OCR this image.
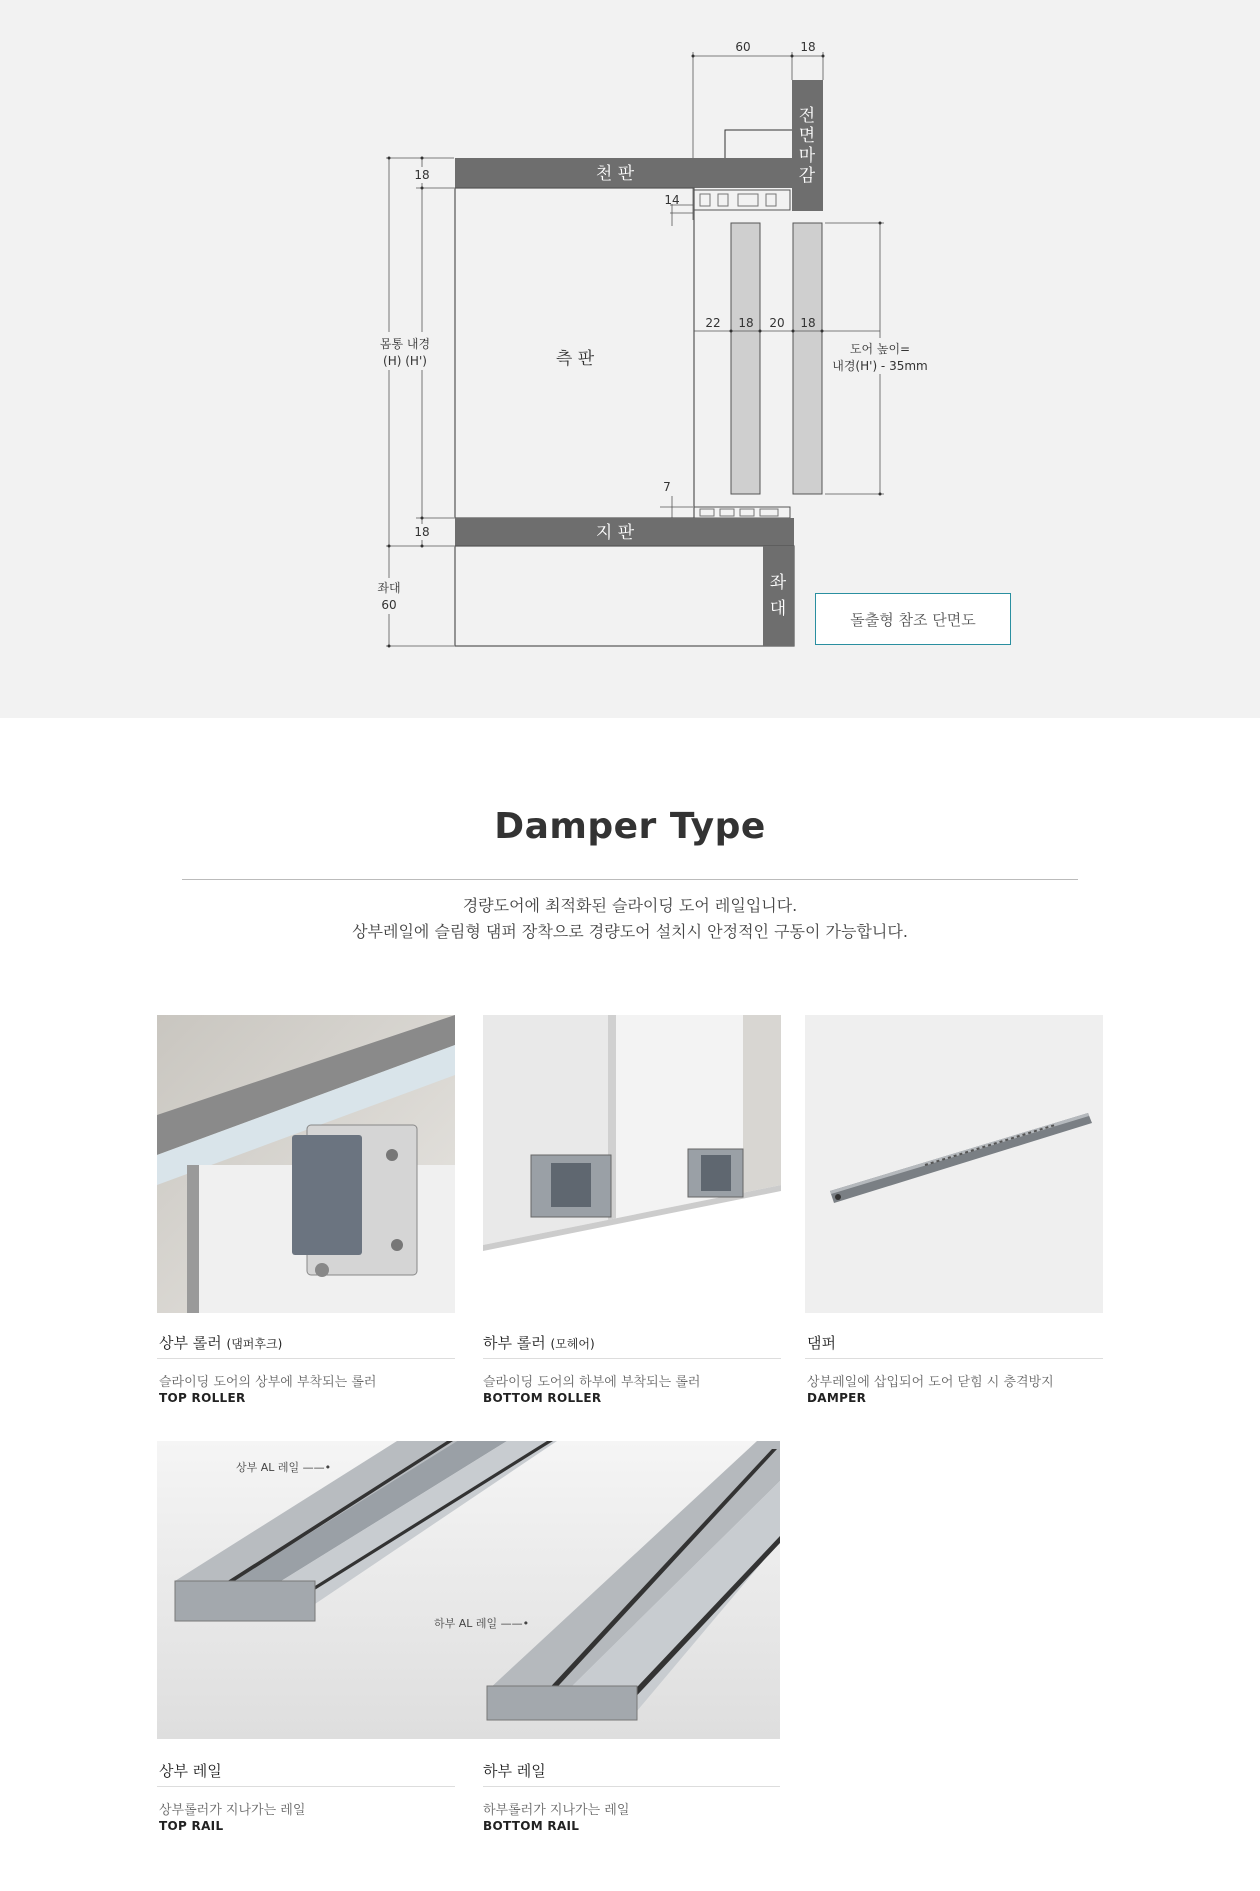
60	18
전
면
마
감
천 판
측 판
14
22 18 20 18
도어 높이=
내경(H') - 35mm
7
지 판
좌
대
18
18
몸통 내경
(H) (H')
좌대
60
돌출형 참조 단면도
Damper Type
경량도어에 최적화된 슬라이딩 도어 레일입니다.
상부레일에 슬림형 댐퍼 장착으로 경량도어 설치시 안정적인 구동이 가능합니다.
상부 롤러 (댐퍼후크)
슬라이딩 도어의 상부에 부착되는 롤러
TOP ROLLER
하부 롤러 (모헤어)
슬라이딩 도어의 하부에 부착되는 롤러
BOTTOM ROLLER
댐퍼
상부레일에 삽입되어 도어 닫힘 시 충격방지
DAMPER
상부 AL 레일 ——•
하부 AL 레일 ——•
상부 레일
상부롤러가 지나가는 레일
TOP RAIL
하부 레일
하부롤러가 지나가는 레일
BOTTOM RAIL
